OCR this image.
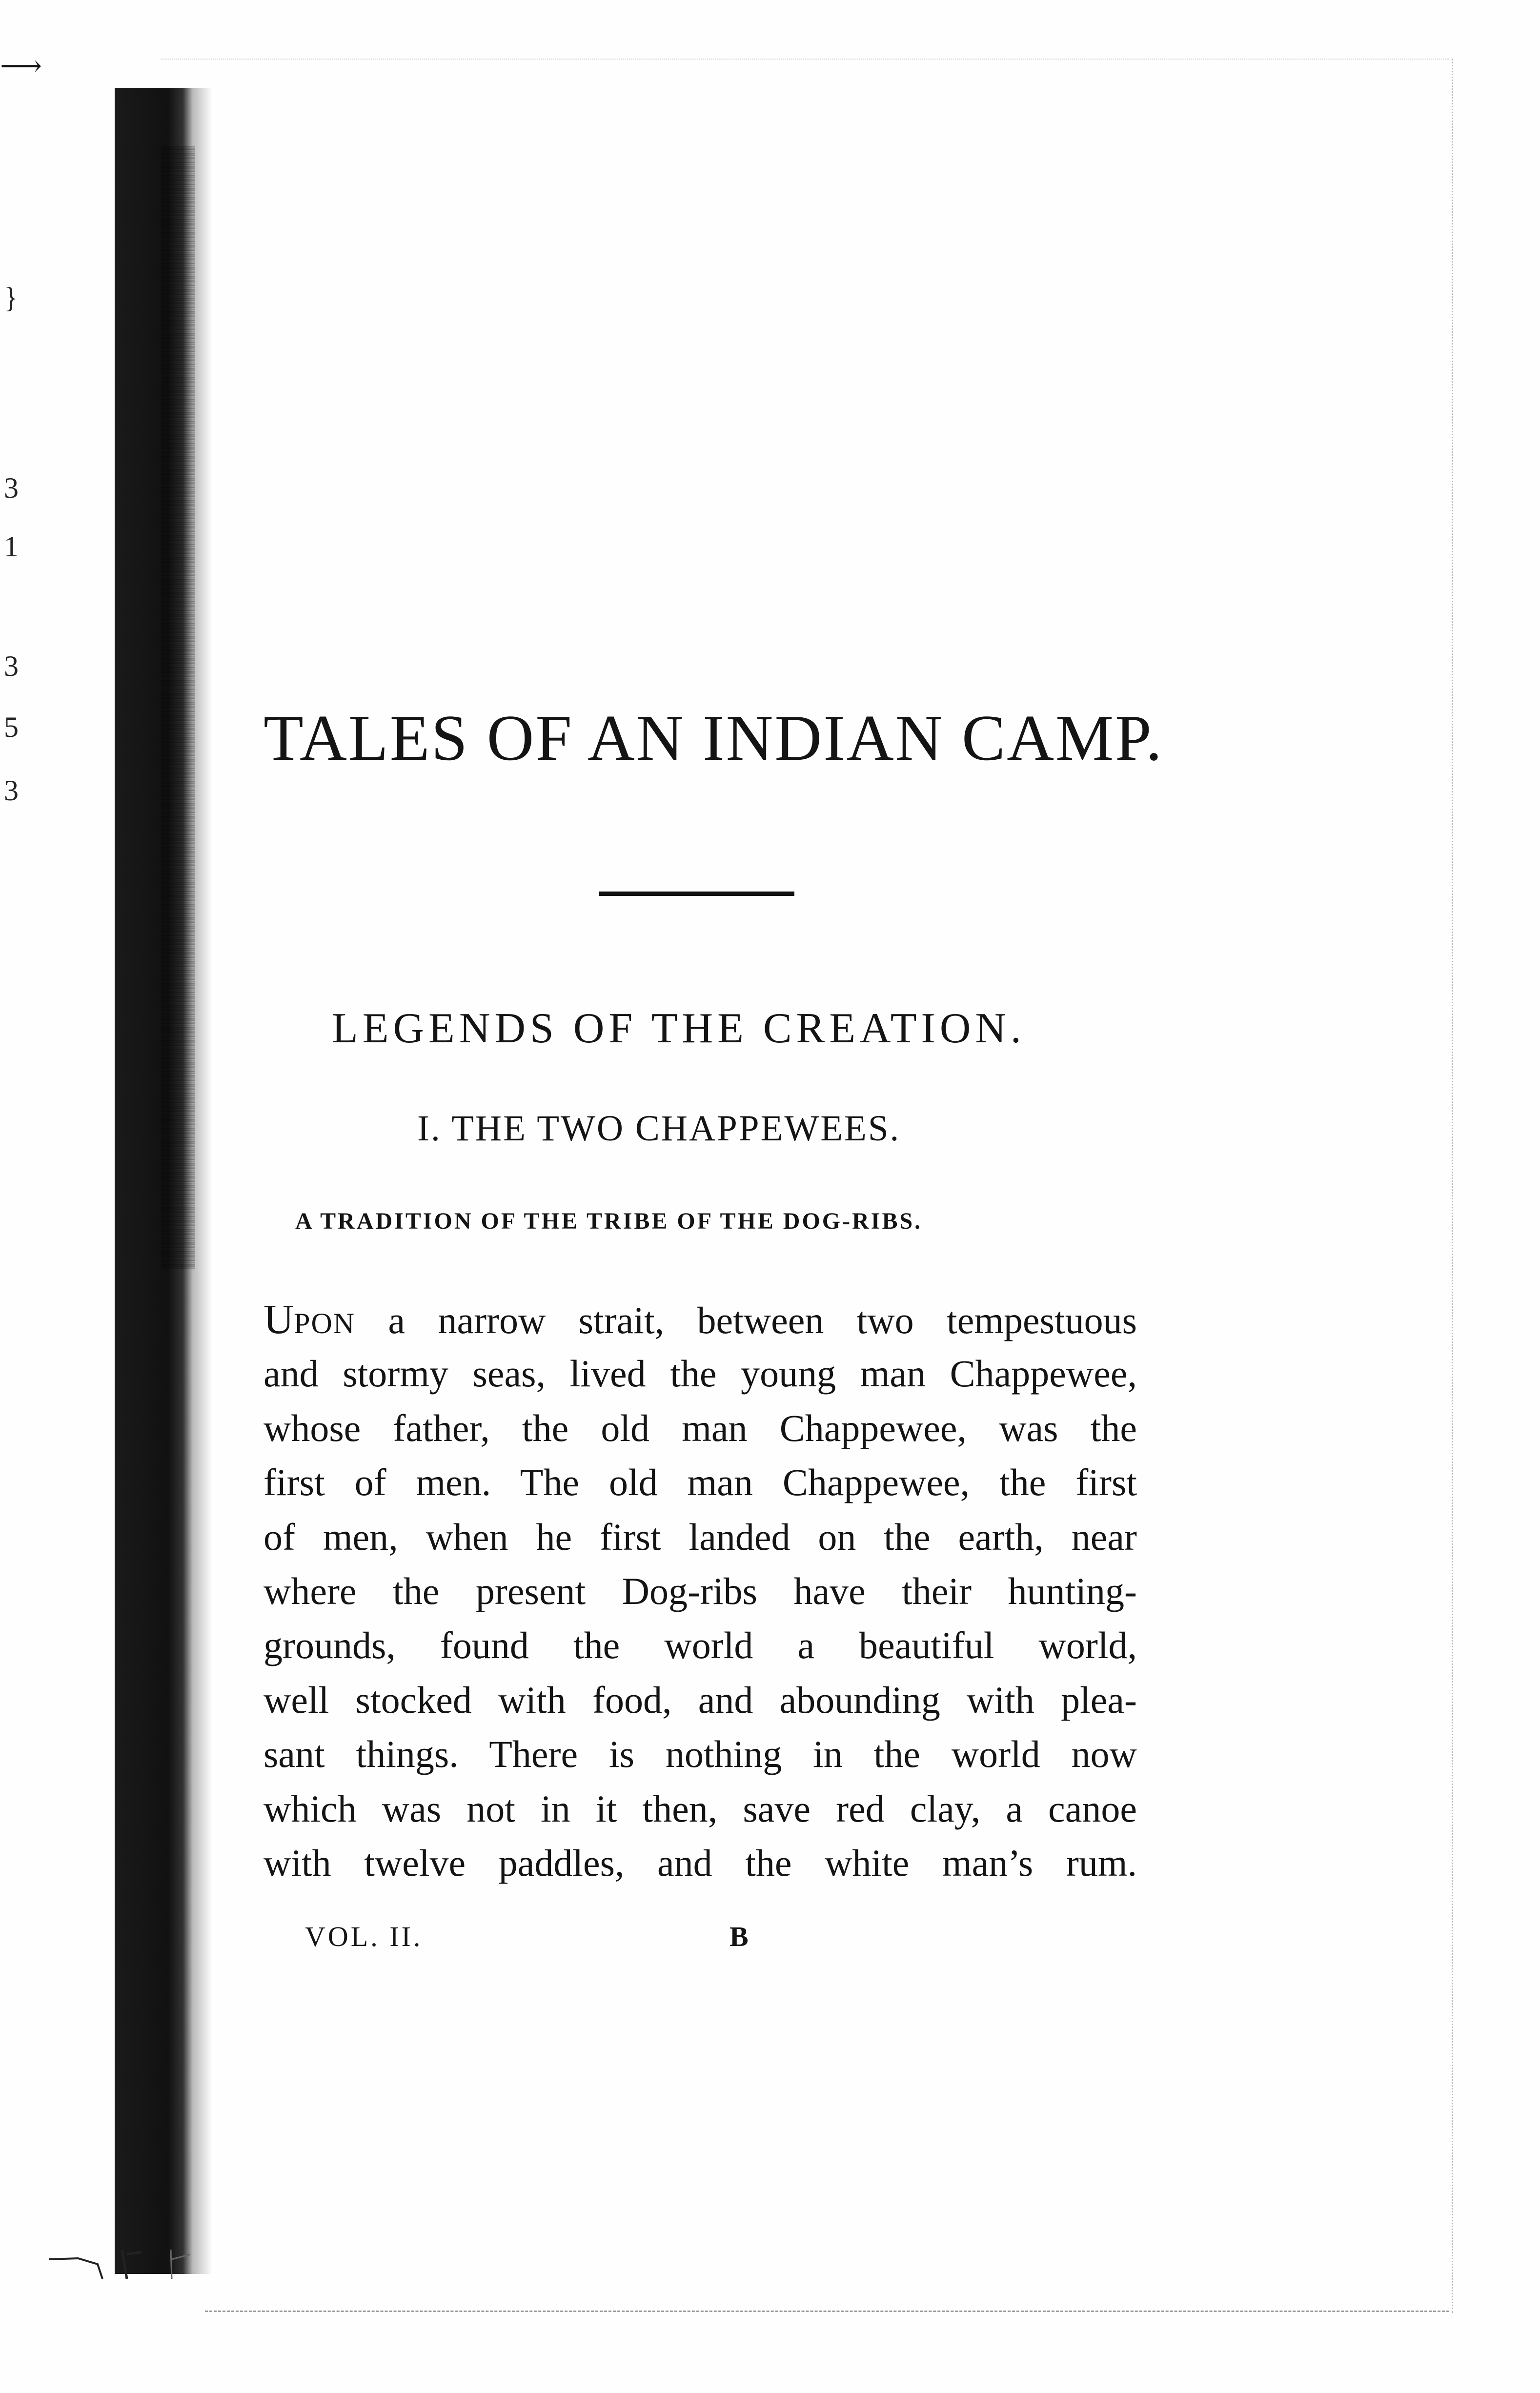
⟶
}
3
1
3
5
3
TALES OF AN INDIAN CAMP.
LEGENDS OF THE CREATION.
I. THE TWO CHAPPEWEES.
A TRADITION OF THE TRIBE OF THE DOG-RIBS.
UPON a narrow strait, between two tempestuous
and stormy seas, lived the young man Chappewee,
whose father, the old man Chappewee, was the
first of men. The old man Chappewee, the first
of men, when he first landed on the earth, near
where the present Dog-ribs have their hunting-
grounds, found the world a beautiful world,
well stocked with food, and abounding with plea-
sant things. There is nothing in the world now
which was not in it then, save red clay, a canoe
with twelve paddles, and the white man’s rum.
VOL. II.	B
